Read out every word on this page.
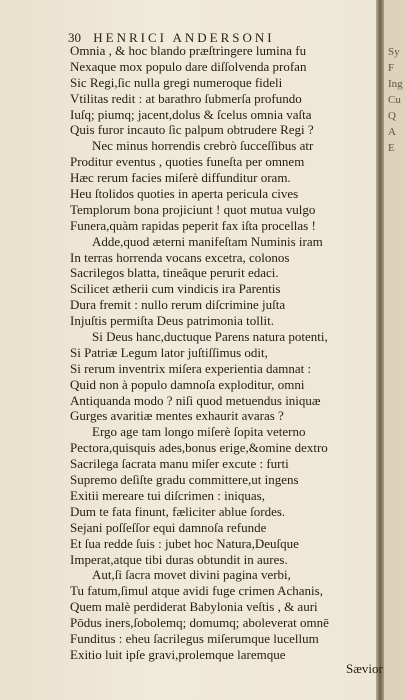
Sy
F
Ing
Cu
Q
A
E
30 HENRICI ANDERSONI
Omnia , & hoc blando præſtringere lumina fu
Nexaque mox populo dare diſſolvenda profan
Sic Regi,ſic nulla gregi numeroque fideli
Vtilitas redit : at barathro ſubmerſa profundo
Iuſq; piumq; jacent,dolus & ſcelus omnia vaſta
Quis furor incauto ſic palpum obtrudere Regi ?
Nec minus horrendis crebrò ſucceſſibus atr
Proditur eventus , quoties funeſta per omnem
Hæc rerum facies miſerè diffunditur oram.
Heu ſtolidos quoties in aperta pericula cives
Templorum bona projiciunt ! quot mutua vulgo
Funera,quàm rapidas peperit fax iſta procellas !
Adde,quod æterni manifeſtam Numinis iram
In terras horrenda vocans excetra, colonos
Sacrilegos blatta, tineâque perurit edaci.
Scilicet ætherii cum vindicis ira Parentis
Dura fremit : nullo rerum diſcrimine juſta
Injuſtis permiſta Deus patrimonia tollit.
Si Deus hanc,ductuque Parens natura potenti,
Si Patriæ Legum lator juſtiſſimus odit,
Si rerum inventrix miſera experientia damnat :
Quid non à populo damnoſa exploditur, omni
Antiquanda modo ? niſi quod metuendus iniquæ
Gurges avaritiæ mentes exhaurit avaras ?
Ergo age tam longo miſerè ſopita veterno
Pectora,quisquis ades,bonus erige,&omine dextro
Sacrilega ſacrata manu miſer excute : furti
Supremo deſiſte gradu committere,ut ingens
Exitii mereare tui diſcrimen : iniquas,
Dum te fata finunt, fæliciter ablue ſordes.
Sejani poſſeſſor equi damnoſa refunde
Et ſua redde ſuis : jubet hoc Natura,Deuſque
Imperat,atque tibi duras obtundit in aures.
Aut,ſi ſacra movet divini pagina verbi,
Tu fatum,ſimul atque avidi fuge crimen Achanis,
Quem malè perdiderat Babylonia veſtis , & auri
Pōdus iners,ſobolemq; domumq; aboleverat omnē
Funditus : eheu ſacrilegus miſerumque lucellum
Exitio luit ipſe gravi,prolemque laremque
Sævior
